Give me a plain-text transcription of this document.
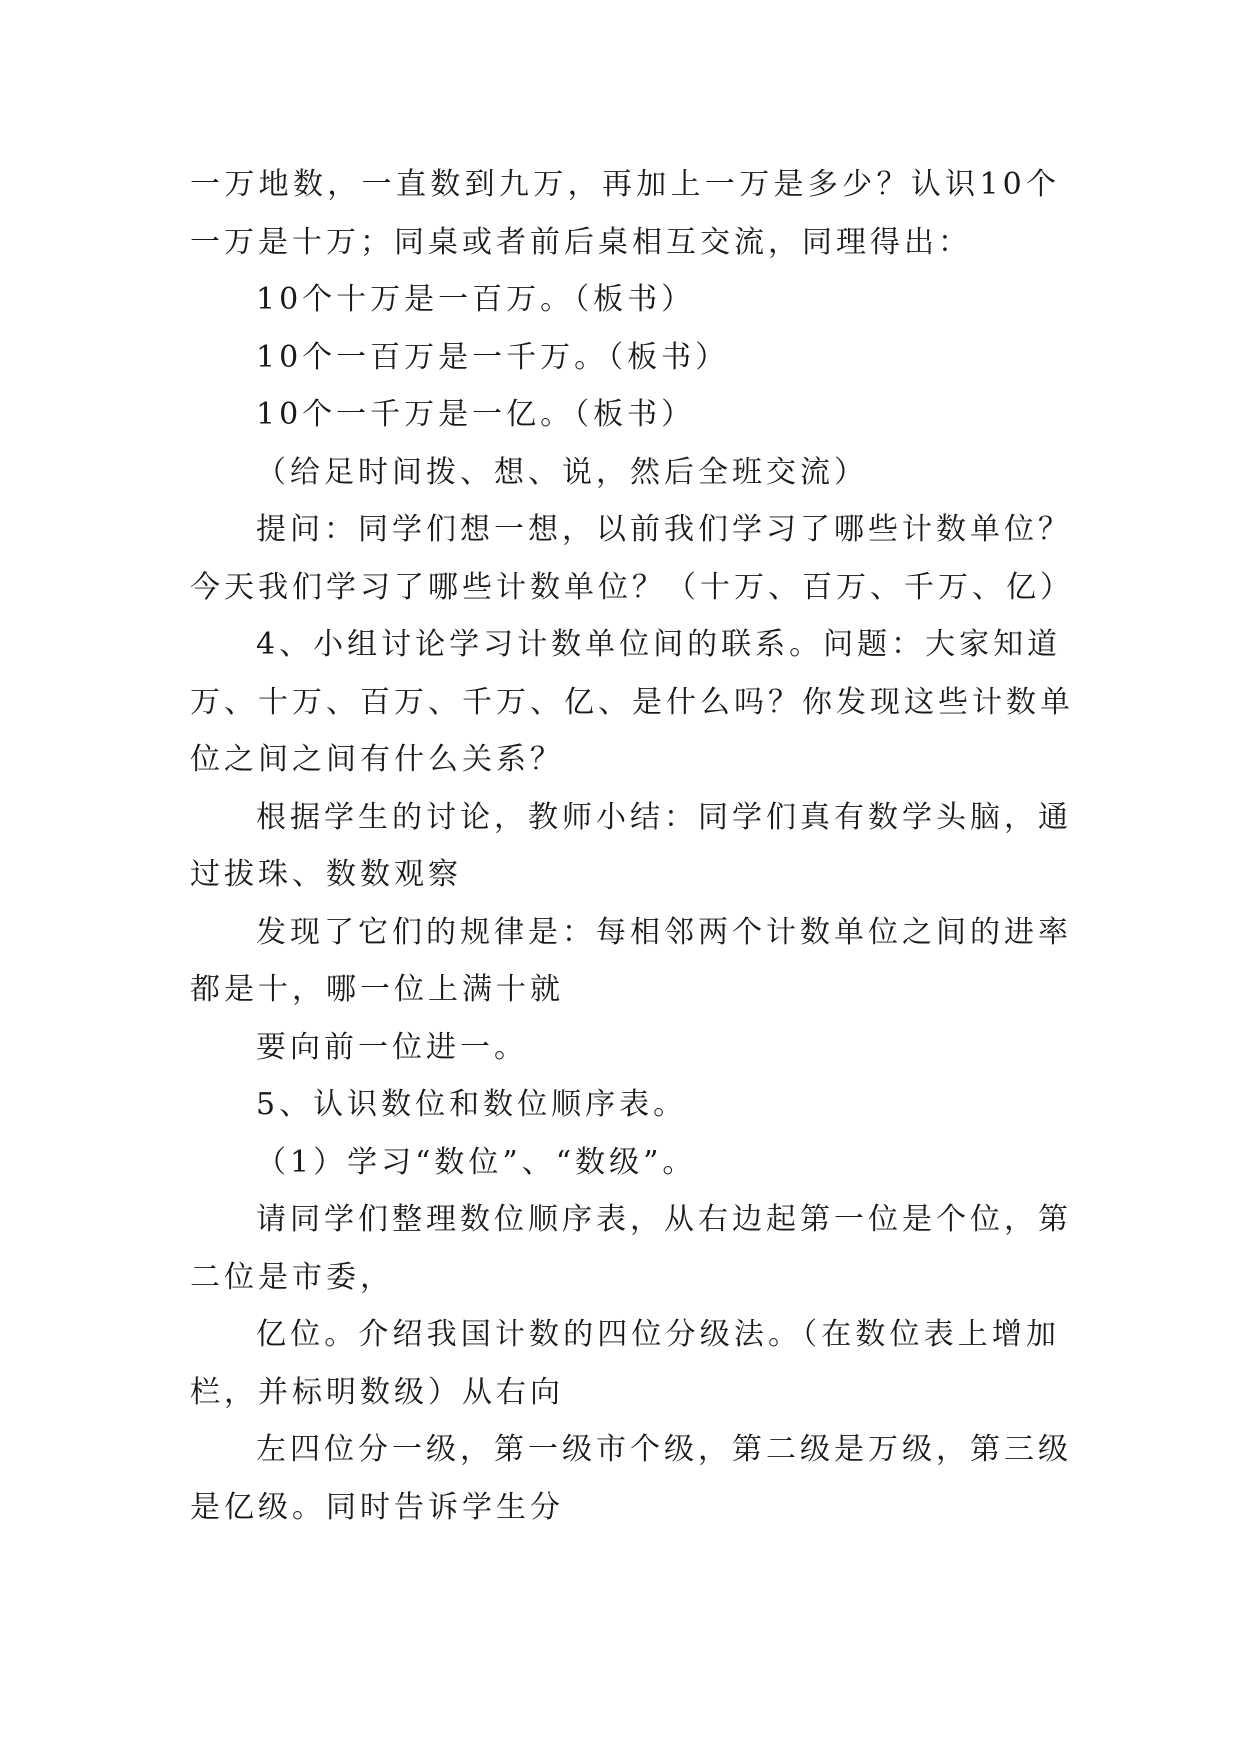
一万地数，一直数到九万，再加上一万是多少？认识10个
一万是十万；同桌或者前后桌相互交流，同理得出：
10个十万是一百万。（板书）
10个一百万是一千万。（板书）
10个一千万是一亿。（板书）
（给足时间拨、想、说，然后全班交流）
提问：同学们想一想，以前我们学习了哪些计数单位？
今天我们学习了哪些计数单位？（十万、百万、千万、亿）
4、小组讨论学习计数单位间的联系。问题：大家知道
万、十万、百万、千万、亿、是什么吗？你发现这些计数单
位之间之间有什么关系？
根据学生的讨论，教师小结：同学们真有数学头脑，通
过拔珠、数数观察
发现了它们的规律是：每相邻两个计数单位之间的进率
都是十，哪一位上满十就
要向前一位进一。
5、认识数位和数位顺序表。
（1）学习“数位”、“数级”。
请同学们整理数位顺序表，从右边起第一位是个位，第
二位是市委，
亿位。介绍我国计数的四位分级法。（在数位表上增加
栏，并标明数级）从右向
左四位分一级，第一级市个级，第二级是万级，第三级
是亿级。同时告诉学生分
